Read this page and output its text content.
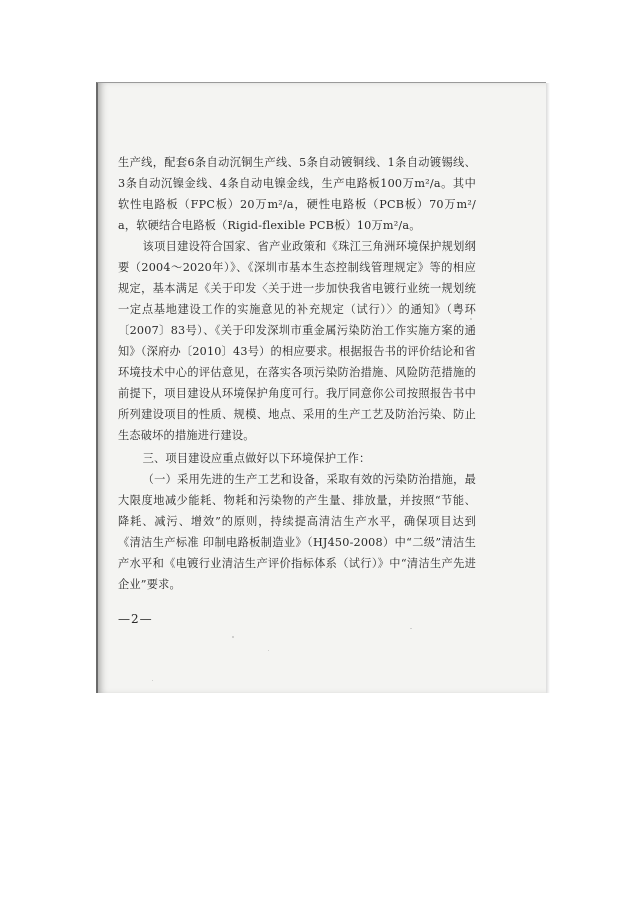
生产线，配套6条自动沉铜生产线、5条自动镀铜线、1条自动镀锡线、3条自动沉镍金线、4条自动电镍金线，生产电路板100万m²/a。其中软性电路板（FPC板）20万m²/a，硬性电路板（PCB板）70万m²/a，软硬结合电路板（Rigid-flexible PCB板）10万m²/a。

该项目建设符合国家、省产业政策和《珠江三角洲环境保护规划纲要（2004～2020年）》、《深圳市基本生态控制线管理规定》等的相应规定，基本满足《关于印发〈关于进一步加快我省电镀行业统一规划统一定点基地建设工作的实施意见的补充规定（试行）〉的通知》（粤环〔2007〕83号）、《关于印发深圳市重金属污染防治工作实施方案的通知》（深府办〔2010〕43号）的相应要求。根据报告书的评价结论和省环境技术中心的评估意见，在落实各项污染防治措施、风险防范措施的前提下，项目建设从环境保护角度可行。我厅同意你公司按照报告书中所列建设项目的性质、规模、地点、采用的生产工艺及防治污染、防止生态破坏的措施进行建设。

三、项目建设应重点做好以下环境保护工作：

（一）采用先进的生产工艺和设备，采取有效的污染防治措施，最大限度地减少能耗、物耗和污染物的产生量、排放量，并按照“节能、降耗、减污、增效”的原则，持续提高清洁生产水平，确保项目达到《清洁生产标准 印制电路板制造业》（HJ450-2008）中“二级”清洁生产水平和《电镀行业清洁生产评价指标体系（试行）》中“清洁生产先进企业”要求。

—2—
